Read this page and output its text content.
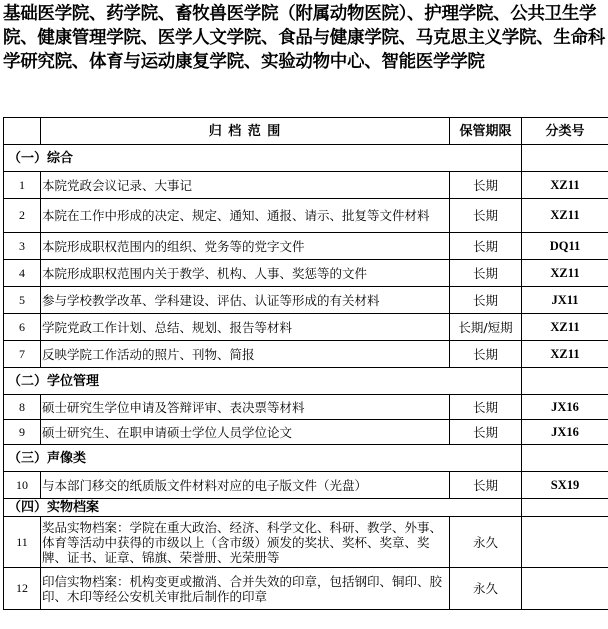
基础医学院、药学院、畜牧兽医学院（附属动物医院）、护理学院、公共卫生学院、健康管理学院、医学人文学院、食品与健康学院、马克思主义学院、生命科学研究院、体育与运动康复学院、实验动物中心、智能医学学院
	归 档 范 围	保管期限	分类号
（一）综合			
1	本院党政会议记录、大事记	长期	XZ11
2	本院在工作中形成的决定、规定、通知、通报、请示、批复等文件材料	长期	XZ11
3	本院形成职权范围内的组织、党务等的党字文件	长期	DQ11
4	本院形成职权范围内关于教学、机构、人事、奖惩等的文件	长期	XZ11
5	参与学校教学改革、学科建设、评估、认证等形成的有关材料	长期	JX11
6	学院党政工作计划、总结、规划、报告等材料	长期/短期	XZ11
7	反映学院工作活动的照片、刊物、简报	长期	XZ11
（二）学位管理			
8	硕士研究生学位申请及答辩评审、表决票等材料	长期	JX16
9	硕士研究生、在职申请硕士学位人员学位论文	长期	JX16
（三）声像类			
10	与本部门移交的纸质版文件材料对应的电子版文件（光盘）	长期	SX19
（四）实物档案			
11	奖品实物档案：学院在重大政治、经济、科学文化、科研、教学、外事、体育等活动中获得的市级以上（含市级）颁发的奖状、奖杯、奖章、奖牌、证书、证章、锦旗、荣誉册、光荣册等	永久	
12	印信实物档案：机构变更或撤消、合并失效的印章，包括钢印、铜印、胶印、木印等经公安机关审批后制作的印章	永久	
